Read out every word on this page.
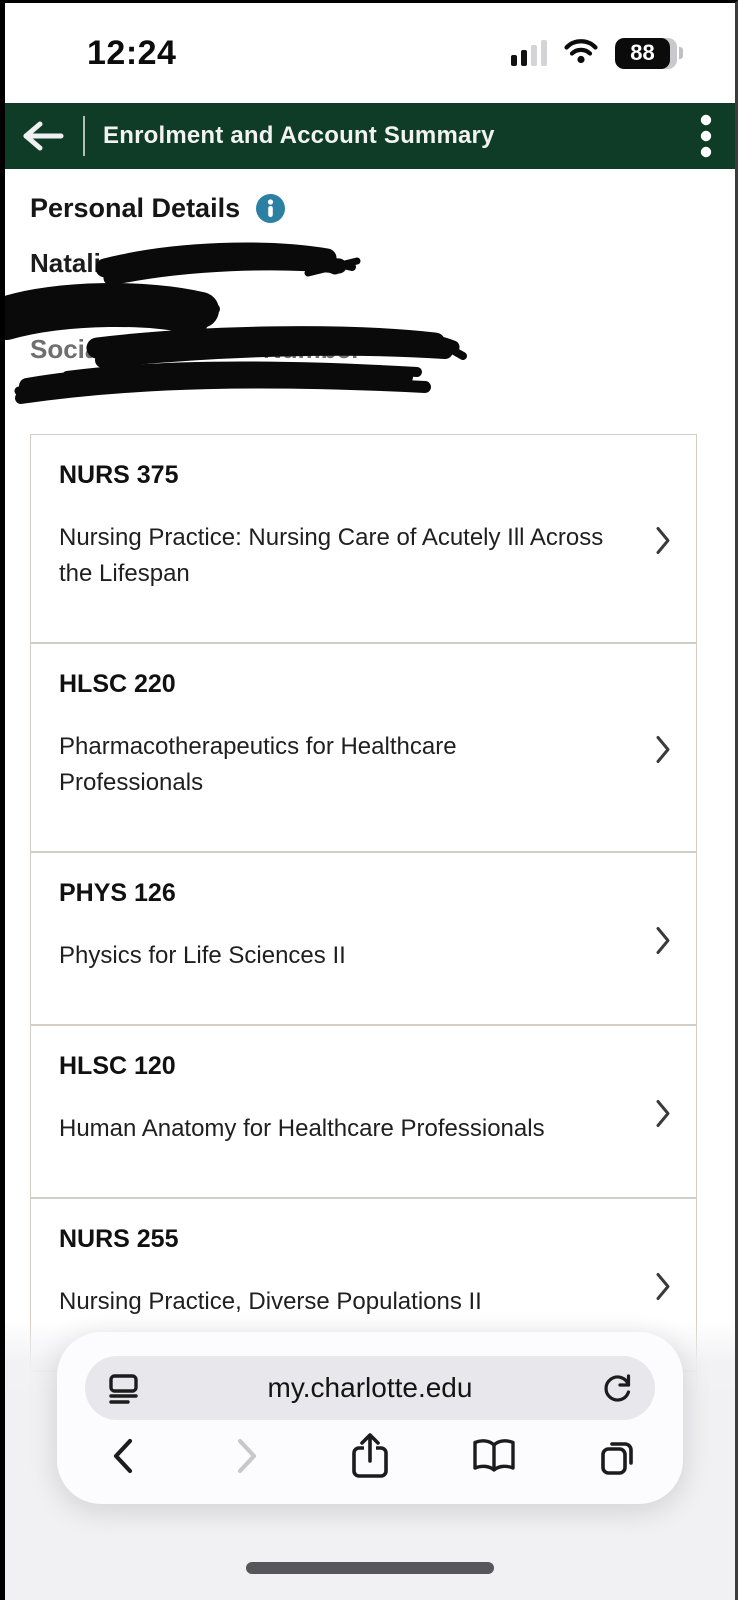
12:24	88
Enrolment and Account Summary
Personal Details
Natali
Socia	Number
NURS 375
Nursing Practice: Nursing Care of Acutely Ill Across the Lifespan
HLSC 220
Pharmacotherapeutics for Healthcare Professionals
PHYS 126
Physics for Life Sciences II
HLSC 120
Human Anatomy for Healthcare Professionals
NURS 255
Nursing Practice, Diverse Populations II
my.charlotte.edu
